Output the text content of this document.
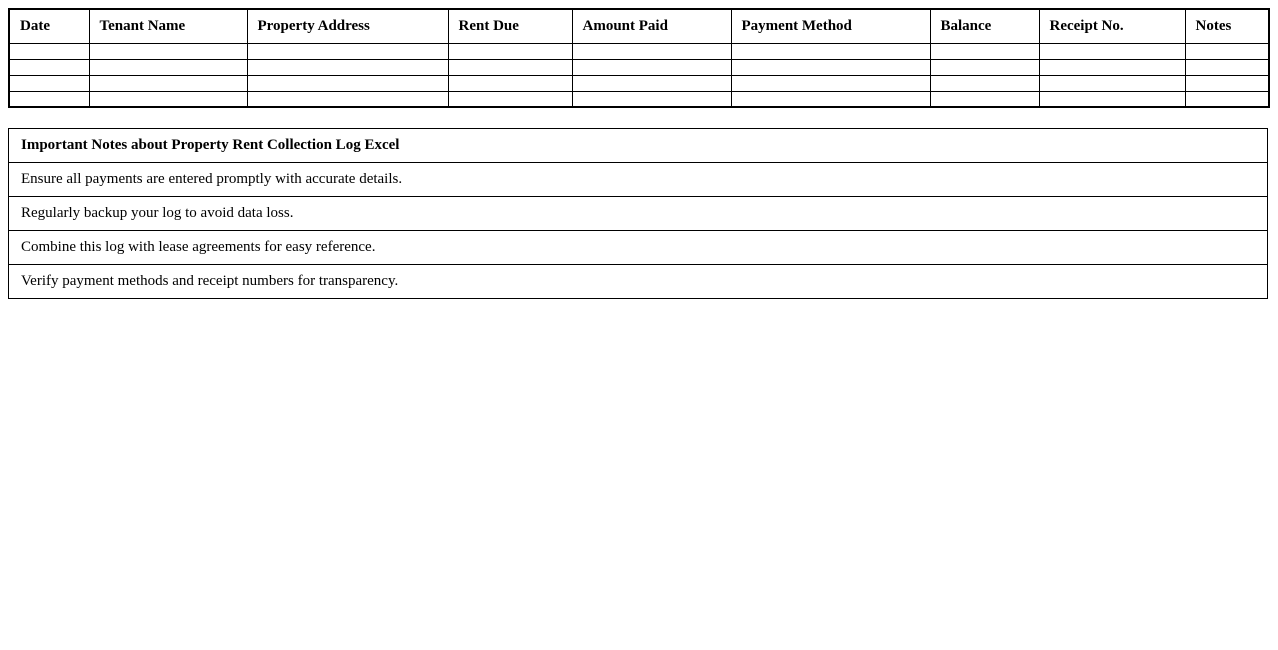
Date	Tenant Name	Property Address	Rent Due	Amount Paid	Payment Method	Balance	Receipt No.	Notes

Important Notes about Property Rent Collection Log Excel
Ensure all payments are entered promptly with accurate details.
Regularly backup your log to avoid data loss.
Combine this log with lease agreements for easy reference.
Verify payment methods and receipt numbers for transparency.
